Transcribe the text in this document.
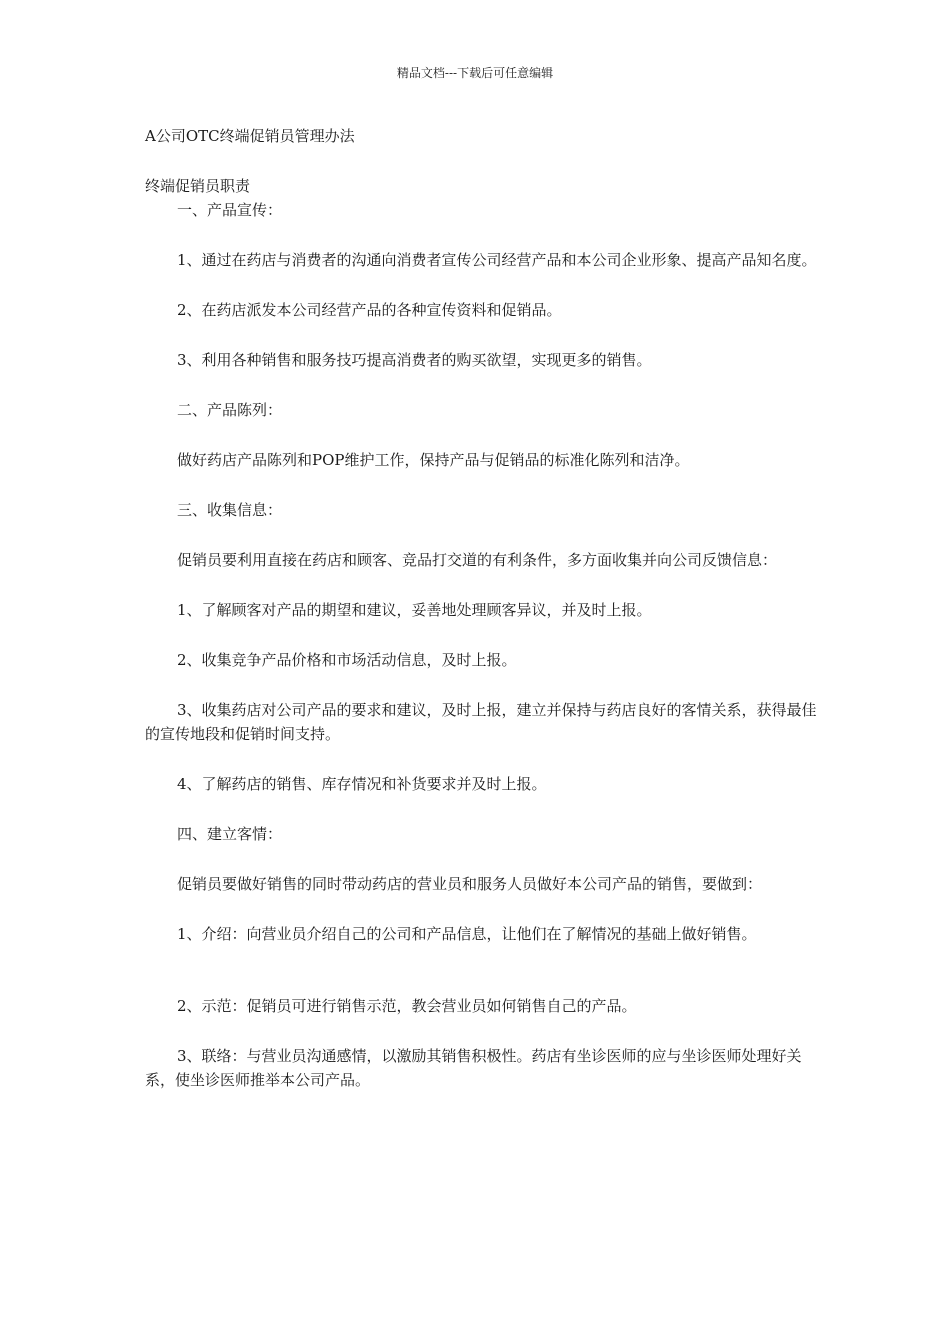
精品文档---下载后可任意编辑
A公司OTC终端促销员管理办法

终端促销员职责

一、产品宣传：

1、通过在药店与消费者的沟通向消费者宣传公司经营产品和本公司企业形象、提高产品知名度。

2、在药店派发本公司经营产品的各种宣传资料和促销品。

3、利用各种销售和服务技巧提高消费者的购买欲望，实现更多的销售。

二、产品陈列：

做好药店产品陈列和POP维护工作，保持产品与促销品的标准化陈列和洁净。

三、收集信息：

促销员要利用直接在药店和顾客、竞品打交道的有利条件，多方面收集并向公司反馈信息：

1、了解顾客对产品的期望和建议，妥善地处理顾客异议，并及时上报。

2、收集竞争产品价格和市场活动信息，及时上报。

3、收集药店对公司产品的要求和建议，及时上报，建立并保持与药店良好的客情关系，获得最佳的宣传地段和促销时间支持。

4、了解药店的销售、库存情况和补货要求并及时上报。

四、建立客情：

促销员要做好销售的同时带动药店的营业员和服务人员做好本公司产品的销售，要做到：

1、介绍：向营业员介绍自己的公司和产品信息，让他们在了解情况的基础上做好销售。

2、示范：促销员可进行销售示范，教会营业员如何销售自己的产品。

3、联络：与营业员沟通感情，以激励其销售积极性。药店有坐诊医师的应与坐诊医师处理好关系，使坐诊医师推举本公司产品。
